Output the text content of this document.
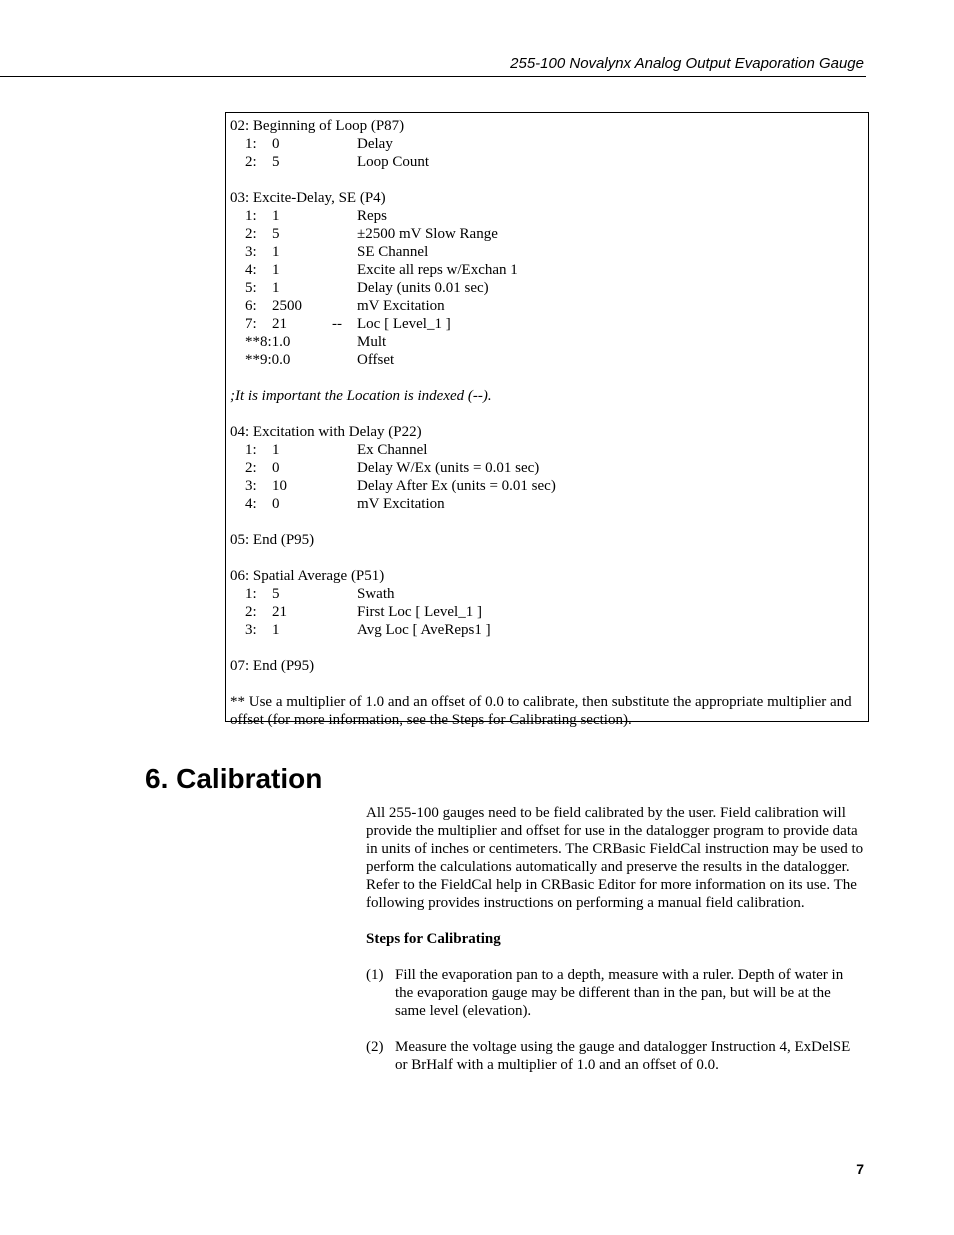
255-100 Novalynx Analog Output Evaporation Gauge
02: Beginning of Loop (P87)
1: 0	Delay
2: 5	Loop Count
03: Excite-Delay, SE (P4)
1: 1	Reps
2: 5	±2500 mV Slow Range
3: 1	SE Channel
4: 1	Excite all reps w/Exchan 1
5: 1	Delay (units 0.01 sec)
6: 2500	mV Excitation
7: 21	-- Loc [ Level_1 ]
**8:1.0	Mult
**9:0.0	Offset
;It is important the Location is indexed (--).
04: Excitation with Delay (P22)
1: 1	Ex Channel
2: 0	Delay W/Ex (units = 0.01 sec)
3: 10	Delay After Ex (units = 0.01 sec)
4: 0	mV Excitation
05: End (P95)
06: Spatial Average (P51)
1: 5	Swath
2: 21	First Loc [ Level_1 ]
3: 1	Avg Loc [ AveReps1 ]
07: End (P95)
** Use a multiplier of 1.0 and an offset of 0.0 to calibrate, then substitute the appropriate multiplier and offset (for more information, see the Steps for Calibrating section).
6. Calibration

All 255-100 gauges need to be field calibrated by the user. Field calibration will provide the multiplier and offset for use in the datalogger program to provide data in units of inches or centimeters. The CRBasic FieldCal instruction may be used to perform the calculations automatically and preserve the results in the datalogger. Refer to the FieldCal help in CRBasic Editor for more information on its use. The following provides instructions on performing a manual field calibration.

Steps for Calibrating

(1) Fill the evaporation pan to a depth, measure with a ruler. Depth of water in the evaporation gauge may be different than in the pan, but will be at the same level (elevation).
(2) Measure the voltage using the gauge and datalogger Instruction 4, ExDelSE or BrHalf with a multiplier of 1.0 and an offset of 0.0.
7
